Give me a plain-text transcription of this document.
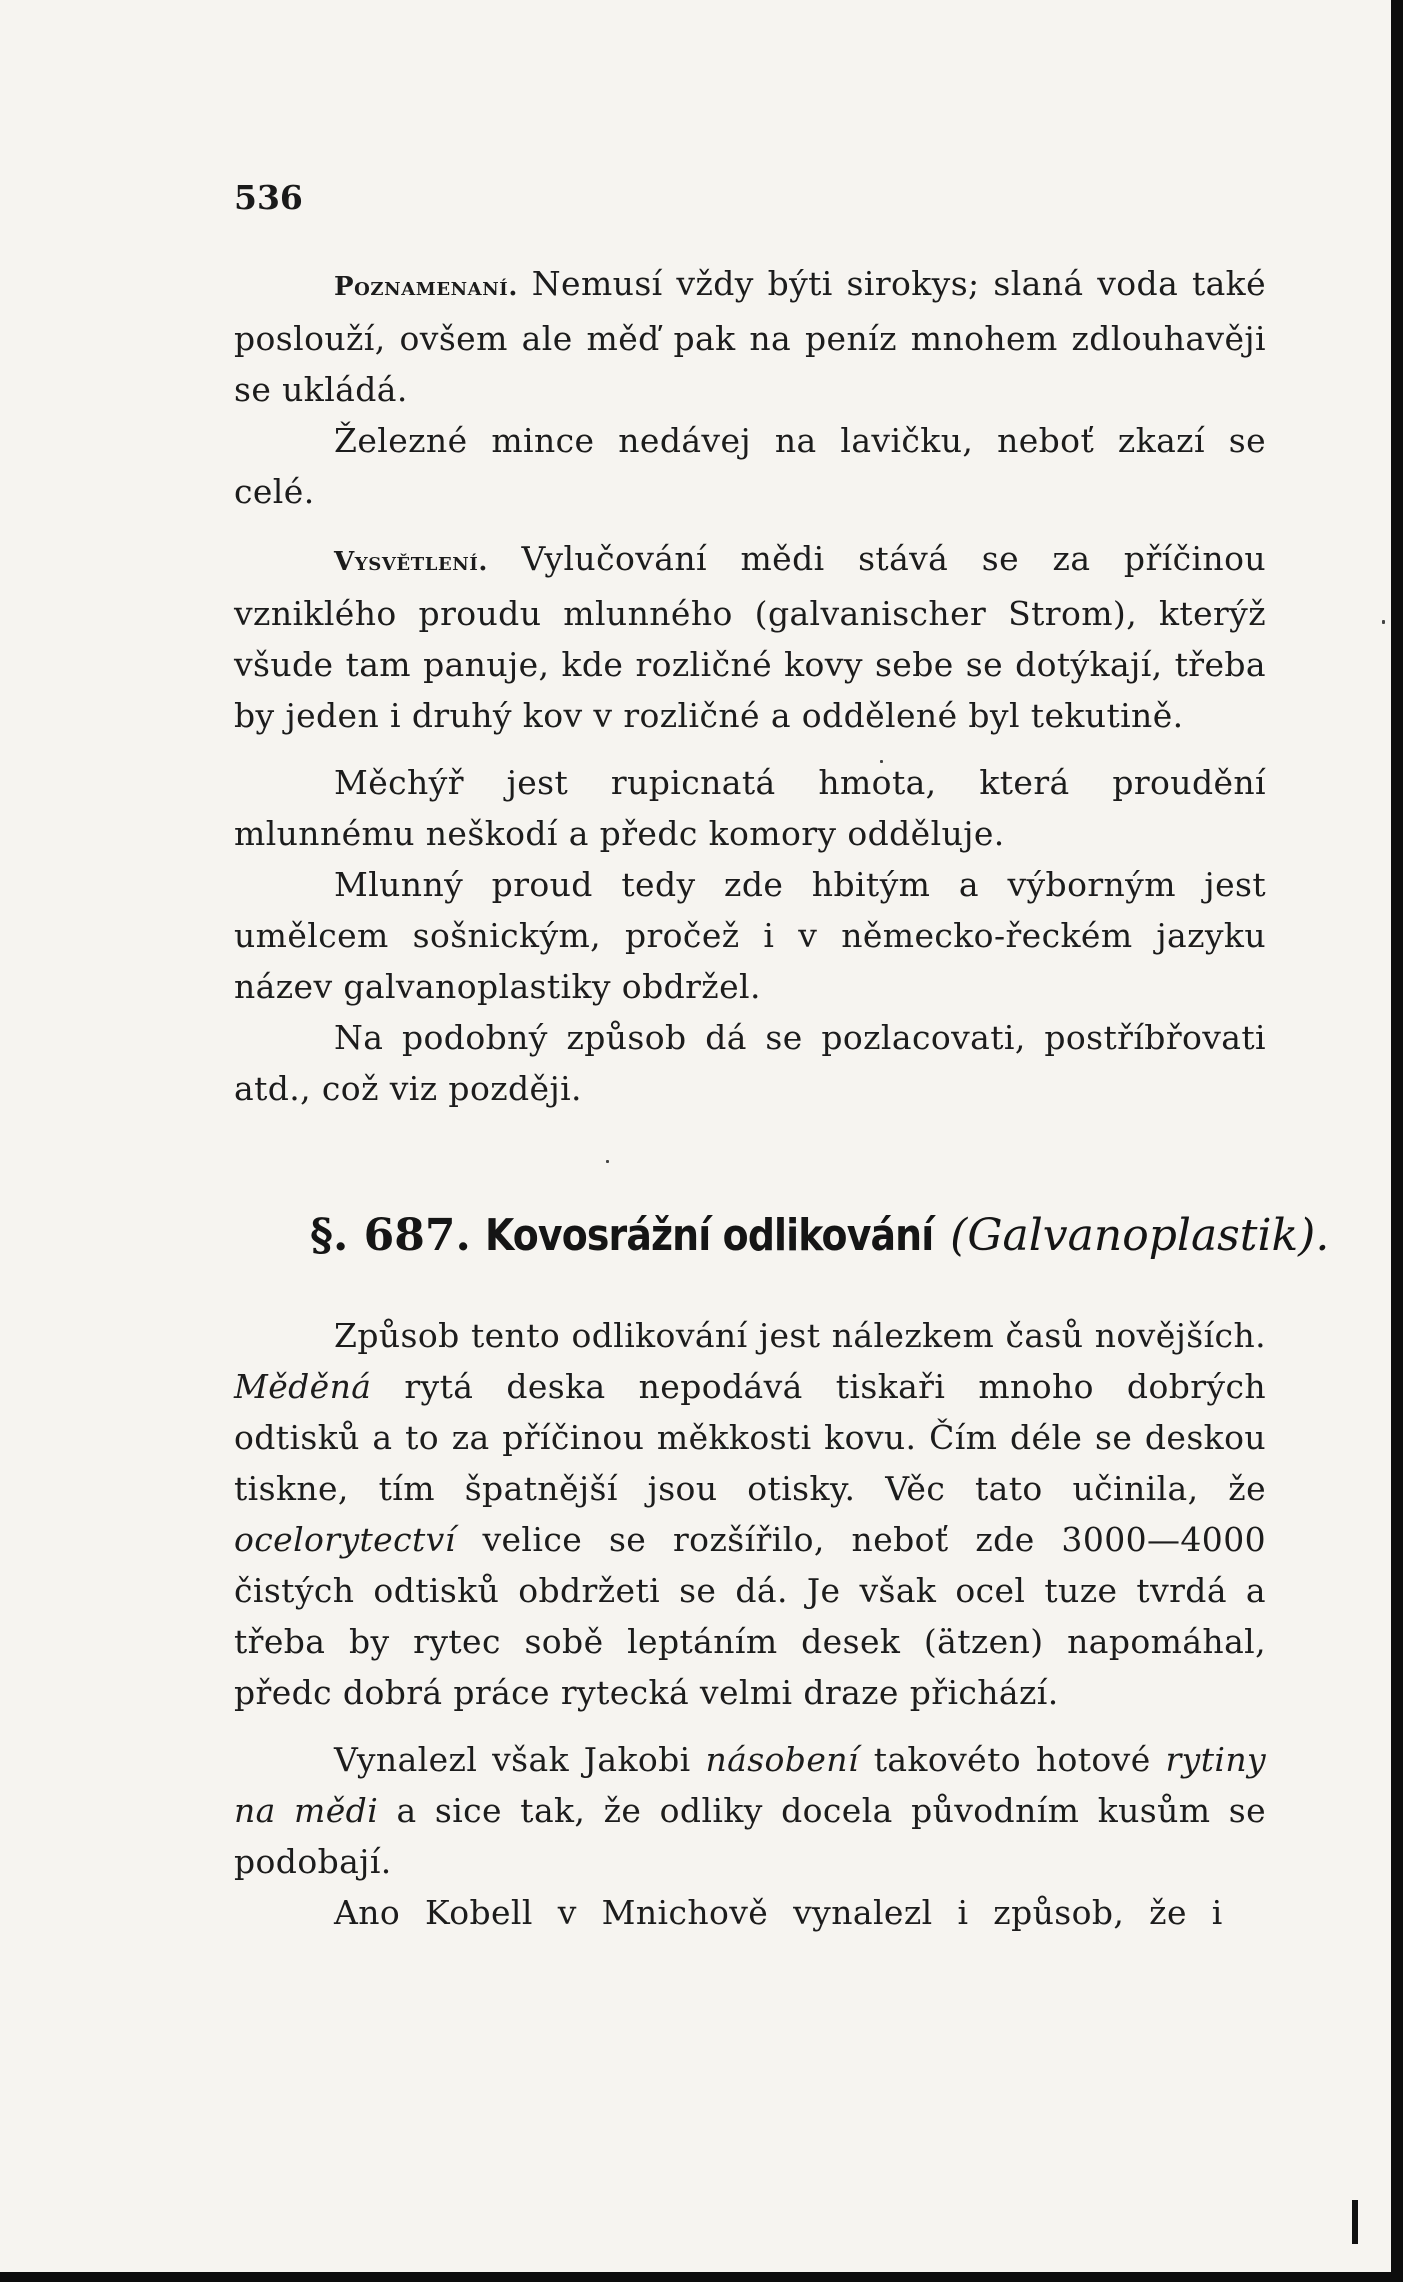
536

Poznamenaní. Nemusí vždy býti sirokys; slaná voda také poslouží, ovšem ale měď pak na peníz mnohem zdlouhavěji se ukládá.

Železné mince nedávej na lavičku, neboť zkazí se celé.

Vysvětlení. Vylučování mědi stává se za příčinou vzniklého proudu mlunného (galvanischer Strom), kterýž všude tam panuje, kde rozličné kovy sebe se dotýkají, třeba by jeden i druhý kov v rozličné a oddělené byl tekutině.

Měchýř jest rupicnatá hmota, která proudění mlunnému neškodí a předc komory odděluje.

Mlunný proud tedy zde hbitým a výborným jest umělcem sošnickým, pročež i v německo-řeckém jazyku název galvanoplastiky obdržel.

Na podobný způsob dá se pozlacovati, postříbřovati atd., což viz později.

§. 687. Kovosrážní odlikování (Galvanoplastik).

Způsob tento odlikování jest nálezkem časů novějších. Měděná rytá deska nepodává tiskaři mnoho dobrých odtisků a to za příčinou měkkosti kovu. Čím déle se deskou tiskne, tím špatnější jsou otisky. Věc tato učinila, že ocelorytectví velice se rozšířilo, neboť zde 3000—4000 čistých odtisků obdržeti se dá. Je však ocel tuze tvrdá a třeba by rytec sobě leptáním desek (ätzen) napomáhal, předc dobrá práce rytecká velmi draze přichází.

Vynalezl však Jakobi násobení takovéto hotové rytiny na mědi a sice tak, že odliky docela původním kusům se podobají.

Ano Kobell v Mnichově vynalezl i způsob, že i
